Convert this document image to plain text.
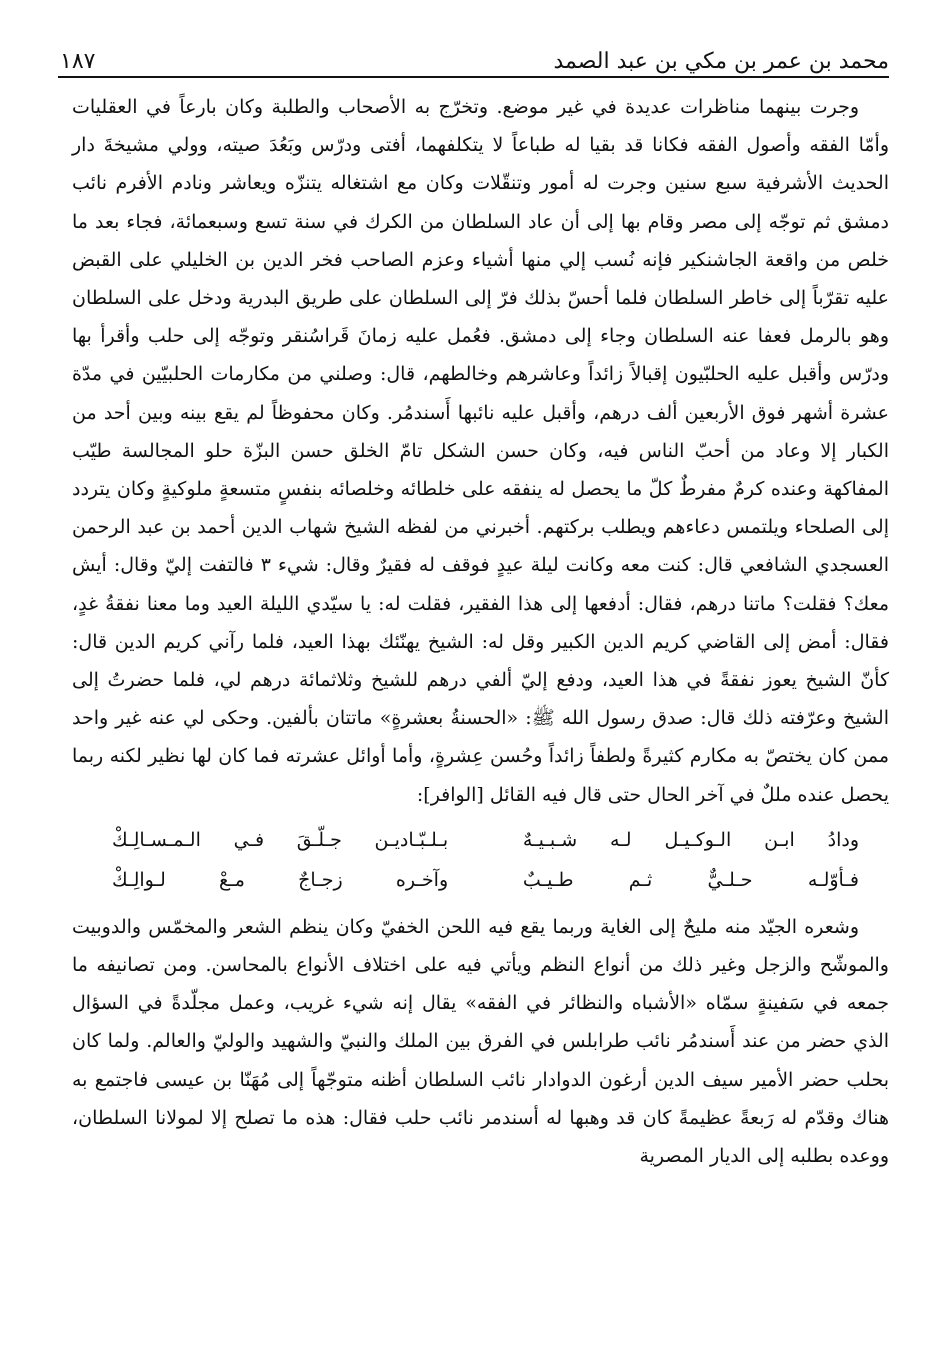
محمد بن عمر بن مكي بن عبد الصمد
١٨٧

وجرت بينهما مناظرات عديدة في غير موضع. وتخرّج به الأصحاب والطلبة وكان بارعاً في العقليات وأمّا الفقه وأصول الفقه فكانا قد بقيا له طباعاً لا يتكلفهما، أفتى ودرّس وبَعُدَ صيته، وولي مشيخةَ دار الحديث الأشرفية سبع سنين وجرت له أمور وتنقّلات وكان مع اشتغاله يتنزّه ويعاشر ونادم الأفرم نائب دمشق ثم توجّه إلى مصر وقام بها إلى أن عاد السلطان من الكرك في سنة تسع وسبعمائة، فجاء بعد ما خلص من واقعة الجاشنكير فإنه نُسب إلي منها أشياء وعزم الصاحب فخر الدين بن الخليلي على القبض عليه تقرّباً إلى خاطر السلطان فلما أحسّ بذلك فرّ إلى السلطان على طريق البدرية ودخل على السلطان وهو بالرمل فعفا عنه السلطان وجاء إلى دمشق. فعُمل عليه زمانَ قَراسُنقر وتوجّه إلى حلب وأقرأ بها ودرّس وأقبل عليه الحلبّيون إقبالاً زائداً وعاشرهم وخالطهم، قال: وصلني من مكارمات الحلبيّين في مدّة عشرة أشهر فوق الأربعين ألف درهم، وأقبل عليه نائبها أَسندمُر. وكان محفوظاً لم يقع بينه وبين أحد من الكبار إلا وعاد من أحبّ الناس فيه، وكان حسن الشكل تامّ الخلق حسن البزّة حلو المجالسة طيّب المفاكهة وعنده كرمٌ مفرطٌ كلّ ما يحصل له ينفقه على خلطائه وخلصائه بنفسٍ متسعةٍ ملوكيةٍ وكان يتردد إلى الصلحاء ويلتمس دعاءهم ويطلب بركتهم. أخبرني من لفظه الشيخ شهاب الدين أحمد بن عبد الرحمن العسجدي الشافعي قال: كنت معه وكانت ليلة عيدٍ فوقف له فقيرٌ وقال: شيء ٣ فالتفت إليّ وقال: أيش معك؟ فقلت؟ ماتنا درهم، فقال: أدفعها إلى هذا الفقير، فقلت له: يا سيّدي الليلة العيد وما معنا نفقةُ غدٍ، فقال: أمض إلى القاضي كريم الدين الكبير وقل له: الشيخ يهنّئك بهذا العيد، فلما رآني كريم الدين قال: كأنّ الشيخ يعوز نفقةً في هذا العيد، ودفع إليّ ألفي درهم للشيخ وثلاثمائة درهم لي، فلما حضرتُ إلى الشيخ وعرّفته ذلك قال: صدق رسول الله ﷺ: «الحسنةُ بعشرةٍ» ماتتان بألفين. وحكى لي عنه غير واحد ممن كان يختصّ به مكارم كثيرةً ولطفاً زائداً وحُسن عِشرةٍ، وأما أوائل عشرته فما كان لها نظير لكنه ربما يحصل عنده مللٌ في آخر الحال حتى قال فيه القائل [الوافر]:

ودادُ ابـن الـوكـيـل لـه شـبـيـهٌ
بـلـبّـاديـن جـلّـقَ فـي الـمـسـالِـكْ
فـأوّلـه حـلـيٌّ ثـم طـيـبٌ
وآخـره زجـاجٌ مـعْ لـوالِـكْ

وشعره الجيّد منه مليحٌ إلى الغاية وربما يقع فيه اللحن الخفيّ وكان ينظم الشعر والمخمّس والدوبيت والموشّح والزجل وغير ذلك من أنواع النظم ويأتي فيه على اختلاف الأنواع بالمحاسن. ومن تصانيفه ما جمعه في سَفينةٍ سمّاه «الأشباه والنظائر في الفقه» يقال إنه شيء غريب، وعمل مجلّدةً في السؤال الذي حضر من عند أَسندمُر نائب طرابلس في الفرق بين الملك والنبيّ والشهيد والوليّ والعالم. ولما كان بحلب حضر الأمير سيف الدين أرغون الدوادار نائب السلطان أظنه متوجّهاً إلى مُهَنّا بن عيسى فاجتمع به هناك وقدّم له رَبعةً عظيمةً كان قد وهبها له أسندمر نائب حلب فقال: هذه ما تصلح إلا لمولانا السلطان، ووعده بطلبه إلى الديار المصرية
